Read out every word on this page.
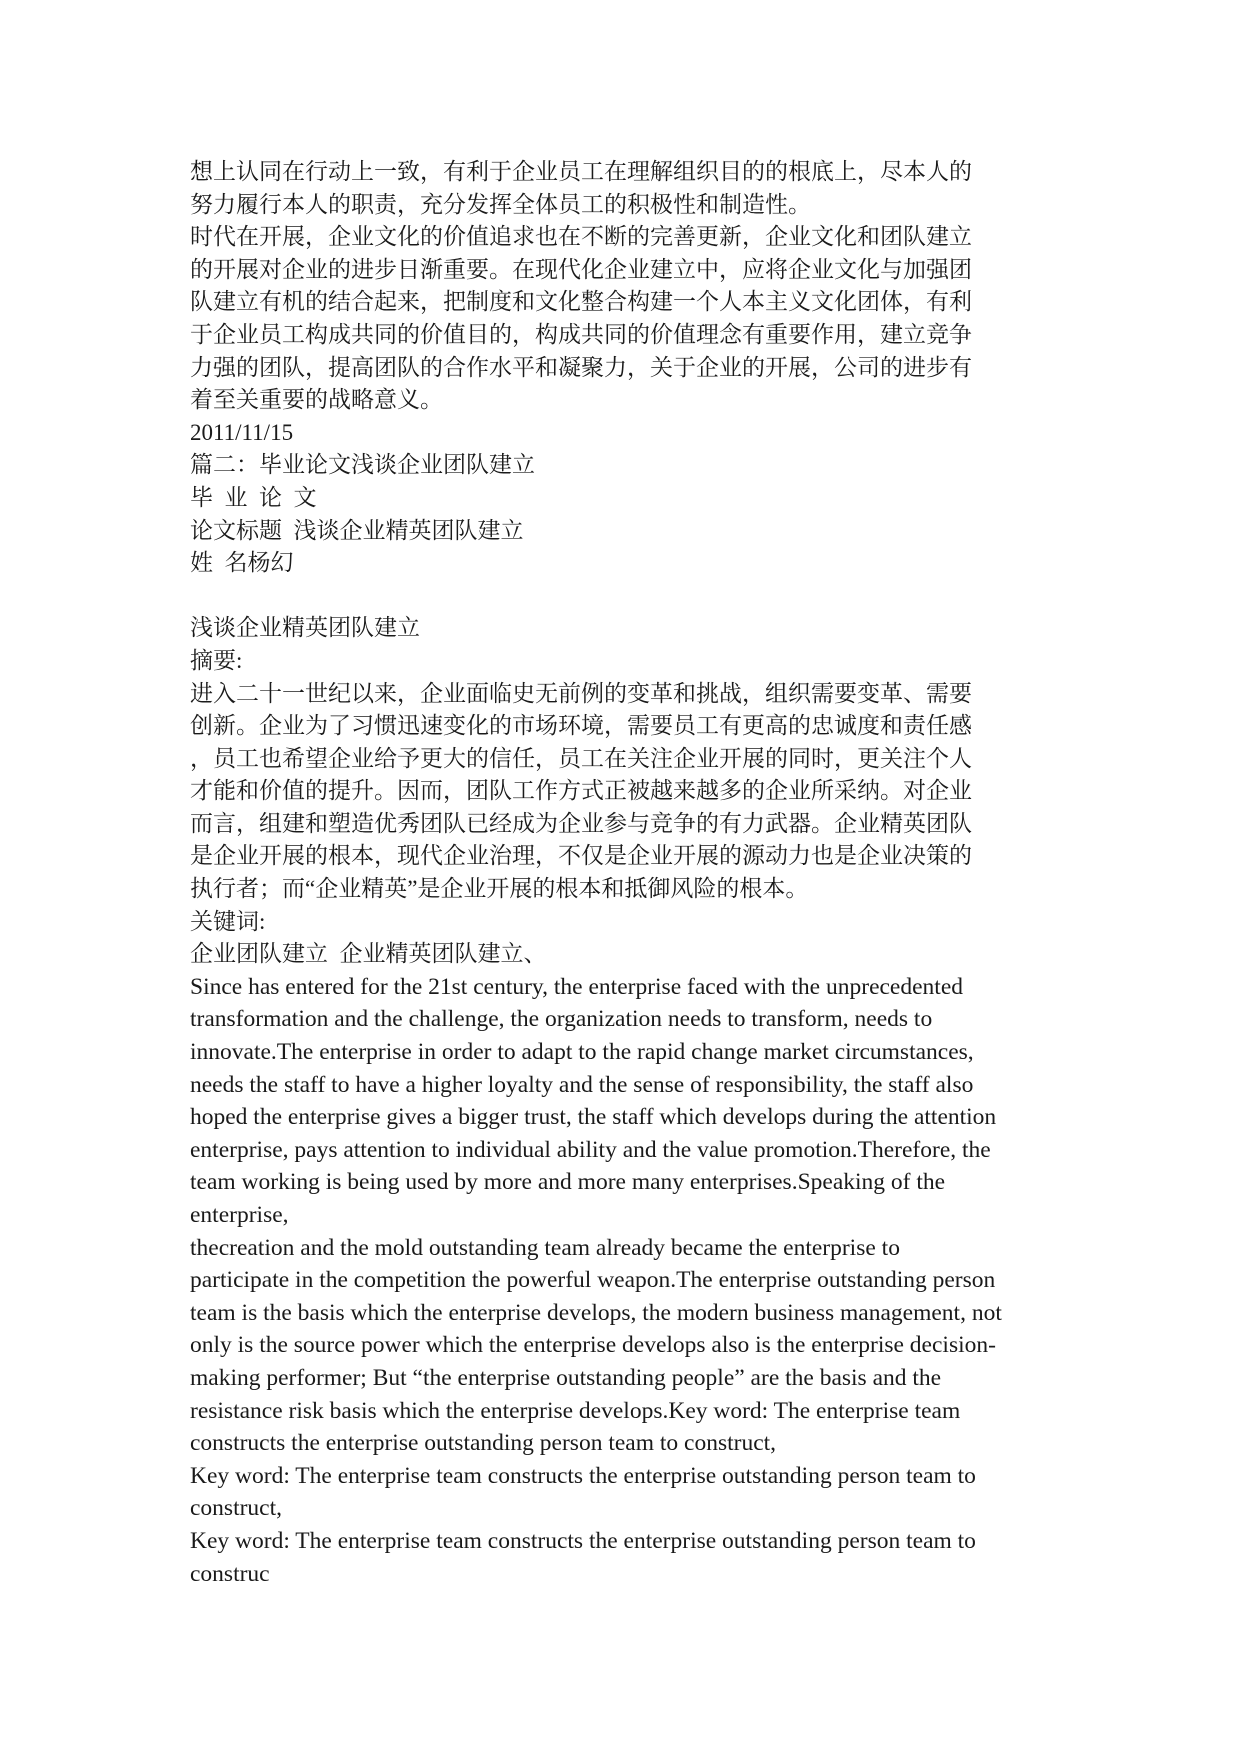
想上认同在行动上一致，有利于企业员工在理解组织目的的根底上，尽本人的
努力履行本人的职责，充分发挥全体员工的积极性和制造性。
时代在开展，企业文化的价值追求也在不断的完善更新，企业文化和团队建立
的开展对企业的进步日渐重要。在现代化企业建立中，应将企业文化与加强团
队建立有机的结合起来，把制度和文化整合构建一个人本主义文化团体，有利
于企业员工构成共同的价值目的，构成共同的价值理念有重要作用，建立竞争
力强的团队，提高团队的合作水平和凝聚力，关于企业的开展，公司的进步有
着至关重要的战略意义。
2011/11/15
篇二：毕业论文浅谈企业团队建立
毕  业  论  文
论文标题  浅谈企业精英团队建立
姓  名杨幻
浅谈企业精英团队建立
摘要:
进入二十一世纪以来，企业面临史无前例的变革和挑战，组织需要变革、需要
创新。企业为了习惯迅速变化的市场环境，需要员工有更高的忠诚度和责任感
，员工也希望企业给予更大的信任，员工在关注企业开展的同时，更关注个人
才能和价值的提升。因而，团队工作方式正被越来越多的企业所采纳。对企业
而言，组建和塑造优秀团队已经成为企业参与竞争的有力武器。企业精英团队
是企业开展的根本，现代企业治理，不仅是企业开展的源动力也是企业决策的
执行者；而“企业精英”是企业开展的根本和抵御风险的根本。
关键词:
企业团队建立  企业精英团队建立、
Since has entered for the 21st century, the enterprise faced with the unprecedented
transformation and the challenge, the organization needs to transform, needs to
innovate.The enterprise in order to adapt to the rapid change market circumstances,
needs the staff to have a higher loyalty and the sense of responsibility, the staff also
hoped the enterprise gives a bigger trust, the staff which develops during the attention
enterprise, pays attention to individual ability and the value promotion.Therefore, the
team working is being used by more and more many enterprises.Speaking of the
enterprise,
thecreation and the mold outstanding team already became the enterprise to
participate in the competition the powerful weapon.The enterprise outstanding person
team is the basis which the enterprise develops, the modern business management, not
only is the source power which the enterprise develops also is the enterprise decision-
making performer; But “the enterprise outstanding people” are the basis and the
resistance risk basis which the enterprise develops.Key word: The enterprise team
constructs the enterprise outstanding person team to construct,
Key word: The enterprise team constructs the enterprise outstanding person team to
construct,
Key word: The enterprise team constructs the enterprise outstanding person team to
construc
